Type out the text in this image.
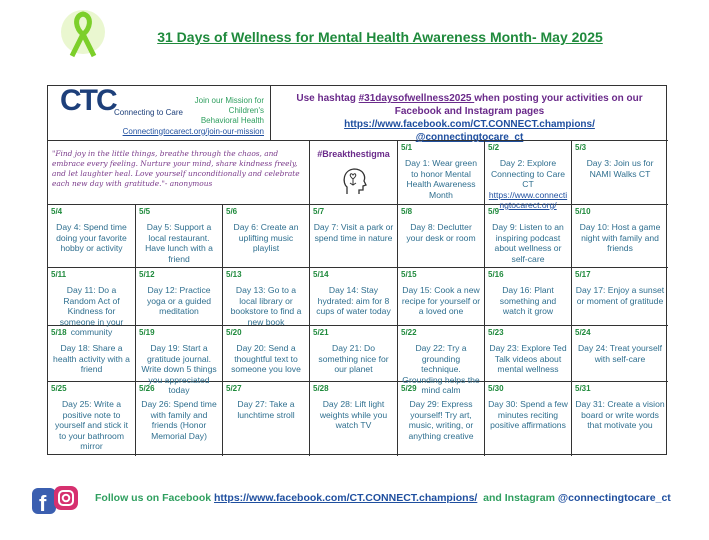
31 Days of Wellness for Mental Health Awareness Month- May 2025
CTC
Connecting to Care
Join our Mission for Children's Behavioral Health
Connectingtocarect.org/join-our-mission
Use hashtag #31daysofwellness2025 when posting your activities on our Facebook and Instagram pages
https://www.facebook.com/CT.CONNECT.champions/
@connectingtocare_ct
"Find joy in the little things, breathe through the chaos, and embrace every feeling. Nurture your mind, share kindness freely, and let laughter heal. Love yourself unconditionally and celebrate each new day with gratitude."- anonymous
#Breakthestigma
5/1
Day 1: Wear green to honor Mental Health Awareness Month
5/2
Day 2: Explore Connecting to Care CT
https://www.connectingtocarect.org/
5/3
Day 3: Join us for NAMI Walks CT
5/4
Day 4: Spend time doing your favorite hobby or activity
5/5
Day 5: Support a local restaurant. Have lunch with a friend
5/6
Day 6: Create an uplifting music playlist
5/7
Day 7: Visit a park or spend time in nature
5/8
Day 8: Declutter your desk or room
5/9
Day 9: Listen to an inspiring podcast about wellness or self-care
5/10
Day 10: Host a game night with family and friends
5/11
Day 11: Do a Random Act of Kindness for someone in your community
5/12
Day 12: Practice yoga or a guided meditation
5/13
Day 13: Go to a local library or bookstore to find a new book
5/14
Day 14: Stay hydrated: aim for 8 cups of water today
5/15
Day 15: Cook a new recipe for yourself or a loved one
5/16
Day 16: Plant something and watch it grow
5/17
Day 17: Enjoy a sunset or moment of gratitude
5/18
Day 18: Share a health activity with a friend
5/19
Day 19: Start a gratitude journal. Write down 5 things you appreciated today
5/20
Day 20: Send a thoughtful text to someone you love
5/21
Day 21: Do something nice for our planet
5/22
Day 22: Try a grounding technique. Grounding helps the mind calm
5/23
Day 23: Explore Ted Talk videos about mental wellness
5/24
Day 24: Treat yourself with self-care
5/25
Day 25: Write a positive note to yourself and stick it to your bathroom mirror
5/26
Day 26: Spend time with family and friends (Honor Memorial Day)
5/27
Day 27: Take a lunchtime stroll
5/28
Day 28: Lift light weights while you watch TV
5/29
Day 29: Express yourself! Try art, music, writing, or anything creative
5/30
Day 30: Spend a few minutes reciting positive affirmations
5/31
Day 31: Create a vision board or write words that motivate you
f	Follow us on Facebook https://www.facebook.com/CT.CONNECT.champions/  and Instagram @connectingtocare_ct
